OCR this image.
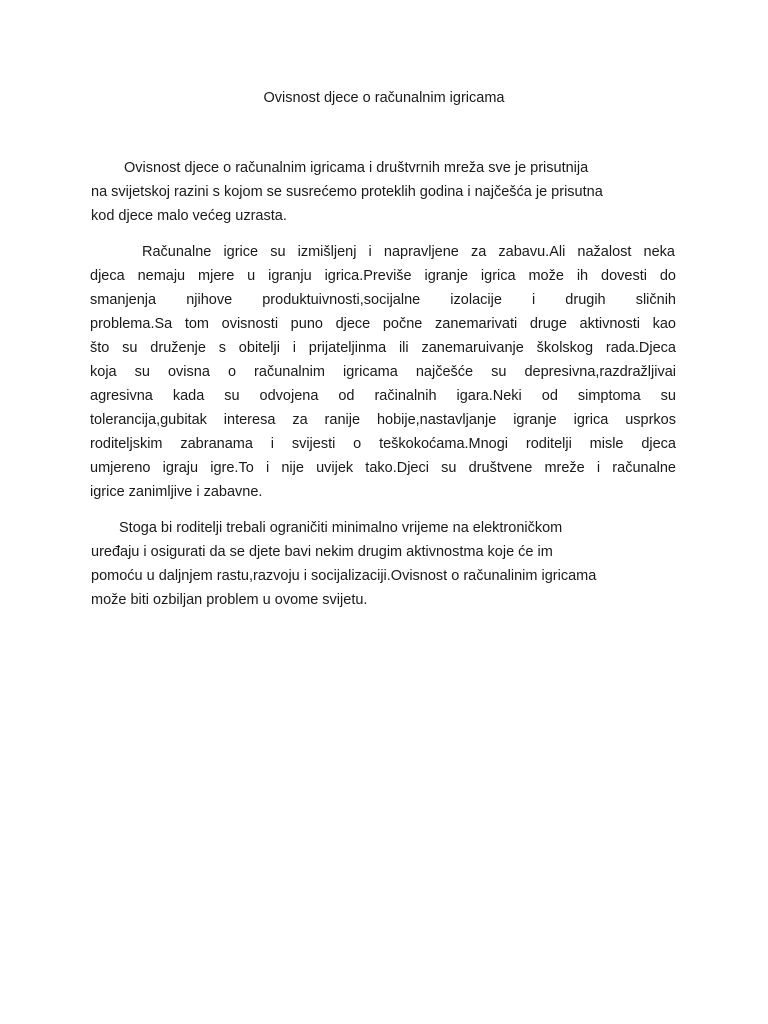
Ovisnost djece o računalnim igricama

Ovisnost djece o računalnim igricama i društvrnih mreža sve je prisutnija

na svijetskoj razini s kojom se susrećemo proteklih godina i najčešća je prisutna

kod djece malo većeg uzrasta.

Računalne igrice su izmišljenj i napravljene za zabavu.Ali nažalost neka

djeca nemaju mjere u igranju igrica.Previše igranje igrica može ih dovesti do

smanjenja njihove produktuivnosti,socijalne izolacije i drugih sličnih

problema.Sa tom ovisnosti puno djece počne zanemarivati druge aktivnosti kao

što su druženje s obitelji i prijateljinma ili zanemaruivanje školskog rada.Djeca

koja su ovisna o računalnim igricama najčešće su depresivna,razdražljivai

agresivna kada su odvojena od račinalnih igara.Neki od simptoma su

tolerancija,gubitak interesa za ranije hobije,nastavljanje igranje igrica usprkos

roditeljskim zabranama i svijesti o teškokoćama.Mnogi roditelji misle djeca

umjereno igraju igre.To i nije uvijek tako.Djeci su društvene mreže i računalne

igrice zanimljive i zabavne.

Stoga bi roditelji trebali ograničiti minimalno vrijeme na elektroničkom

uređaju i osigurati da se djete bavi nekim drugim aktivnostma koje će im

pomoću u daljnjem rastu,razvoju i socijalizaciji.Ovisnost o računalinim igricama

može biti ozbiljan problem u ovome svijetu.
